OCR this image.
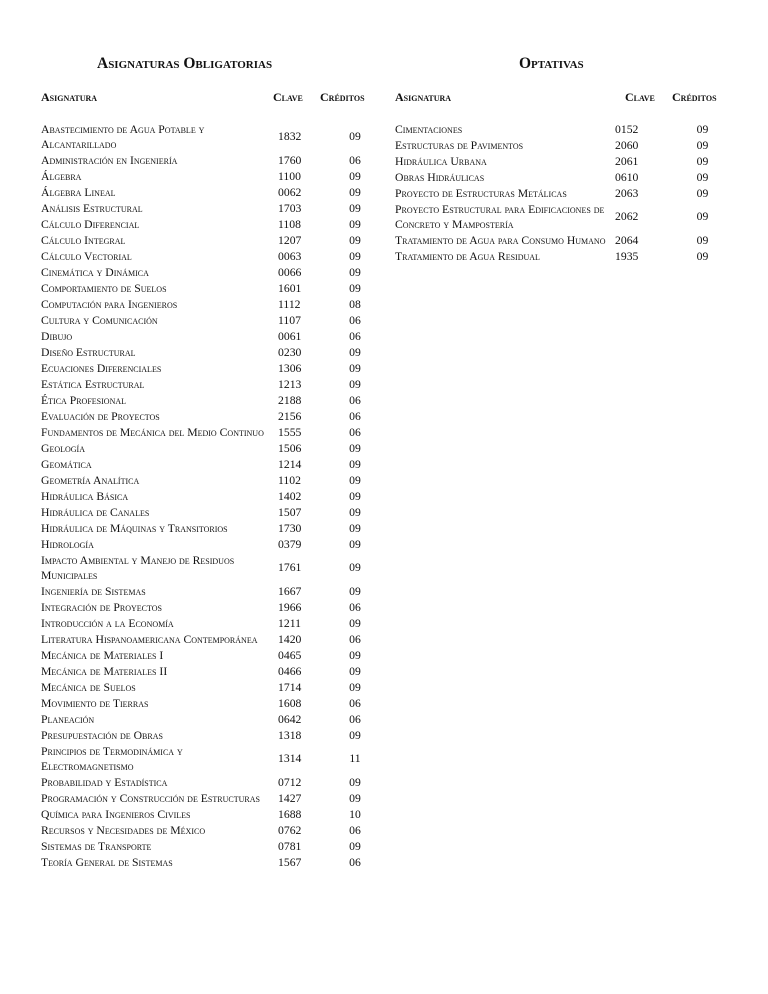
Asignaturas Obligatorias
Asignatura	Clave Créditos
Abastecimiento de Agua Potable y Alcantarillado	1832	09
Administración en Ingeniería	1760	06
Álgebra	1100	09
Álgebra Lineal	0062	09
Análisis Estructural	1703	09
Cálculo Diferencial	1108	09
Cálculo Integral	1207	09
Cálculo Vectorial	0063	09
Cinemática y Dinámica	0066	09
Comportamiento de Suelos	1601	09
Computación para Ingenieros	1112	08
Cultura y Comunicación	1107	06
Dibujo	0061	06
Diseño Estructural	0230	09
Ecuaciones Diferenciales	1306	09
Estática Estructural	1213	09
Ética Profesional	2188	06
Evaluación de Proyectos	2156	06
Fundamentos de Mecánica del Medio Continuo	1555	06
Geología	1506	09
Geomática	1214	09
Geometría Analítica	1102	09
Hidráulica Básica	1402	09
Hidráulica de Canales	1507	09
Hidráulica de Máquinas y Transitorios	1730	09
Hidrología	0379	09
Impacto Ambiental y Manejo de Residuos Municipales	1761	09
Ingeniería de Sistemas	1667	09
Integración de Proyectos	1966	06
Introducción a la Economía	1211	09
Literatura Hispanoamericana Contemporánea	1420	06
Mecánica de Materiales I	0465	09
Mecánica de Materiales II	0466	09
Mecánica de Suelos	1714	09
Movimiento de Tierras	1608	06
Planeación	0642	06
Presupuestación de Obras	1318	09
Principios de Termodinámica y Electromagnetismo	1314	11
Probabilidad y Estadística	0712	09
Programación y Construcción de Estructuras	1427	09
Química para Ingenieros Civiles	1688	10
Recursos y Necesidades de México	0762	06
Sistemas de Transporte	0781	09
Teoría General de Sistemas	1567	06
Optativas
Asignatura	Clave Créditos
Cimentaciones	0152	09
Estructuras de Pavimentos	2060	09
Hidráulica Urbana	2061	09
Obras Hidráulicas	0610	09
Proyecto de Estructuras Metálicas	2063	09
Proyecto Estructural para Edificaciones de Concreto y Mampostería	2062	09
Tratamiento de Agua para Consumo Humano	2064	09
Tratamiento de Agua Residual	1935	09
